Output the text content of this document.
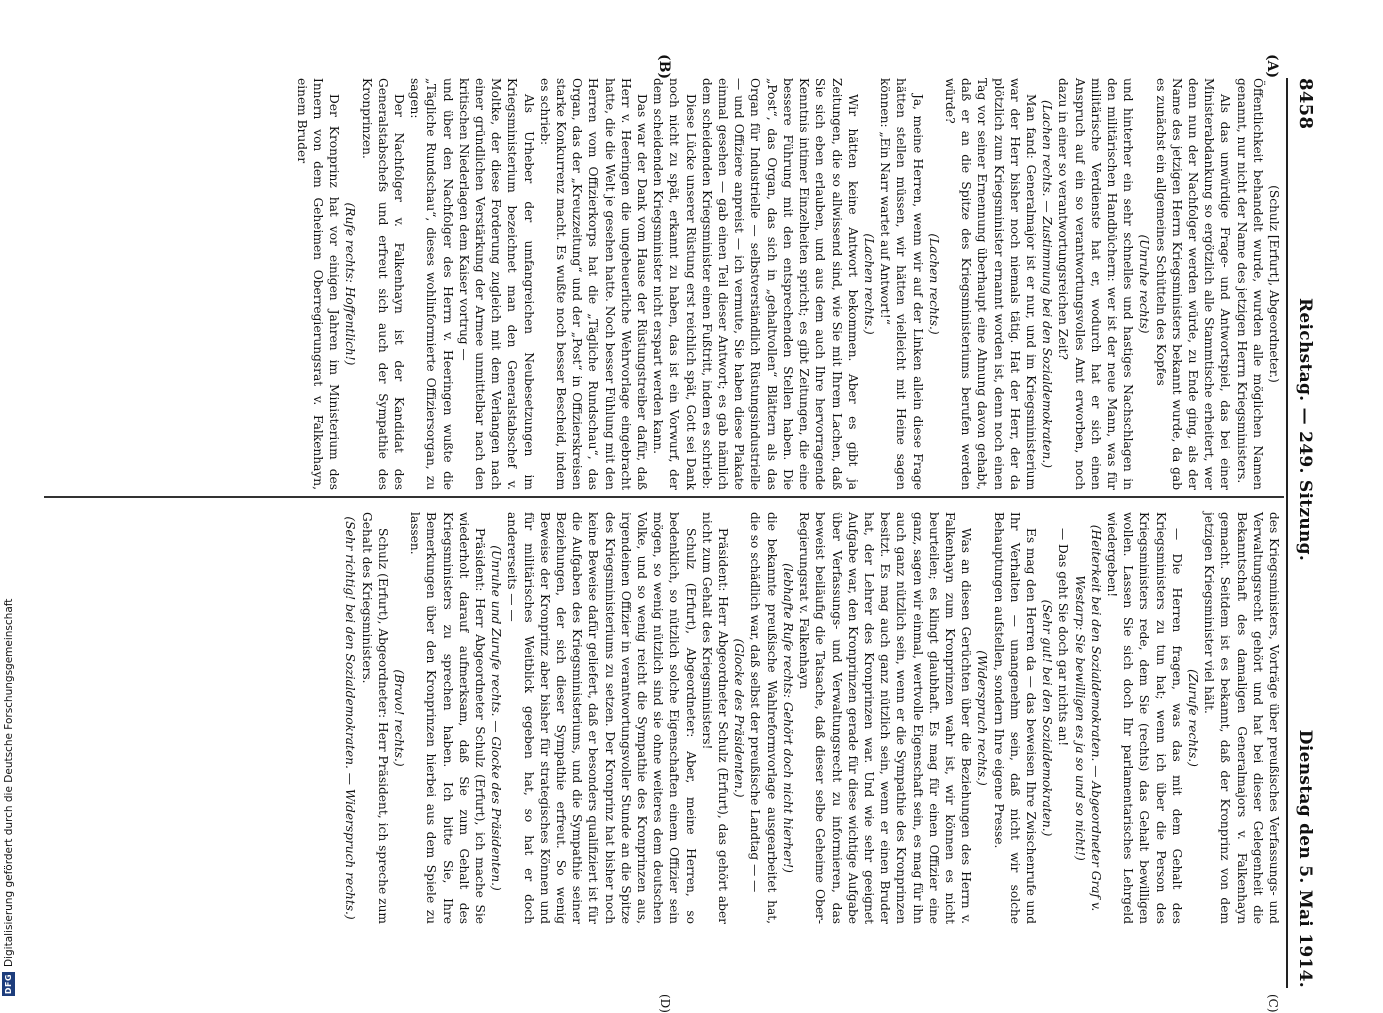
8458
Reichstag. — 249. Sitzung.
Dienstag den 5. Mai 1914.
(A)
(B)
(C)
(D)

(Schulz [Erfurt], Abgeordneter.)

Öffentlichkeit behandelt wurde, wurden alle möglichen Namen genannt, nur nicht der Name des jetzigen Herrn Kriegsministers.

Als das unwürdige Frage- und Antwortspiel, das bei einer Ministerabdankung so ergötzlich alle Stammtische erheitert, wer denn nun der Nachfolger werden würde, zu Ende ging, als der Name des jetzigen Herrn Kriegsministers bekannt wurde, da gab es zunächst ein allgemeines Schütteln des Kopfes

(Unruhe rechts)

und hinterher ein sehr schnelles und hastiges Nachschlagen in den militärischen Handbüchern: wer ist der neue Mann, was für militärische Verdienste hat er, wodurch hat er sich einen Anspruch auf ein so verantwortungsvolles Amt erworben, noch dazu in einer so verantwortungsreichen Zeit?

(Lachen rechts. — Zustimmung bei den Sozialdemokraten.)

Man fand: Generalmajor ist er nur, und im Kriegsministerium war der Herr bisher noch niemals tätig. Hat der Herr, der da plötzlich zum Kriegsminister ernannt worden ist, denn noch einen Tag vor seiner Ernennung überhaupt eine Ahnung davon gehabt, daß er an die Spitze des Kriegsministeriums berufen werden würde?

(Lachen rechts.)

Ja, meine Herren, wenn wir auf der Linken allein diese Frage hätten stellen müssen, wir hätten vielleicht mit Heine sagen können: „Ein Narr wartet auf Antwort!“

(Lachen rechts.)

Wir hätten keine Antwort bekommen. Aber es gibt ja Zeitungen, die so allwissend sind, wie Sie mit Ihrem Lachen, daß Sie sich eben erlauben, und aus dem auch Ihre hervorragende Kenntnis intimer Einzelheiten spricht; es gibt Zeitungen, die eine bessere Führung mit den entsprechenden Stellen haben. Die „Post“, das Organ, das sich in „gehaltvollen“ Blättern als das Organ für Industrielle — selbstverständlich Rüstungsindustrielle — und Offiziere anpreist — ich vermute, Sie haben diese Plakate einmal gesehen — gab einen Teil dieser Antwort; es gab nämlich dem scheidenden Kriegsminister einen Fußtritt, indem es schrieb:

Diese Lücke unserer Rüstung erst reichlich spät, Gott sei Dank noch nicht zu spät, erkannt zu haben, das ist ein Vorwurf, der dem scheidenden Kriegsminister nicht erspart werden kann.

Das war der Dank vom Hause der Rüstungstreiber dafür, daß Herr v. Heeringen die ungeheuerliche Wehrvorlage eingebracht hatte, die die Welt je gesehen hatte. Noch besser Fühlung mit den Herren vom Offizierkorps hat die „Tägliche Rundschau“, das Organ, das der „Kreuzzeitung“ und der „Post“ in Offizierskreisen starke Konkurrenz macht. Es wußte noch besser Bescheid, indem es schrieb:

Als Urheber der umfangreichen Neubesetzungen im Kriegsministerium bezeichnet man den Generalstabschef v. Moltke, der diese Forderung zugleich mit dem Verlangen nach einer gründlichen Verstärkung der Armee unmittelbar nach den kritischen Niederlagen dem Kaiser vortrug —

und über den Nachfolger des Herrn v. Heeringen wußte die „Tägliche Rundschau“, dieses wohlinformierte Offiziersorgan, zu sagen:

Der Nachfolger v. Falkenhayn ist der Kandidat des Generalstabschefs und erfreut sich auch der Sympathie des Kronprinzen.

(Rufe rechts: Hoffentlich!)

Der Kronprinz hat vor einigen Jahren im Ministerium des Innern von dem Geheimen Oberregierungsrat v. Falkenhayn, einem Bruder

des Kriegsministers, Vorträge über preußisches Verfassungs- und Verwaltungsrecht gehört und hat bei dieser Gelegenheit die Bekanntschaft des damaligen Generalmajors v. Falkenhayn gemacht. Seitdem ist es bekannt, daß der Kronprinz von dem jetzigen Kriegsminister viel hält.

(Zurufe rechts.)

— Die Herren fragen, was das mit dem Gehalt des Kriegsministers zu tun hat; wenn ich über die Person des Kriegsministers rede, dem Sie (rechts) das Gehalt bewilligen wollen. Lassen Sie sich doch Ihr parlamentarisches Lehrgeld wiedergeben!

(Heiterkeit bei den Sozialdemokraten. — Abgeordneter Graf v. Westarp: Sie bewilligen es ja so und so nicht!)

— Das geht Sie doch gar nichts an!

(Sehr gut! bei den Sozialdemokraten.)

Es mag den Herren da — das beweisen Ihre Zwischenrufe und Ihr Verhalten — unangenehm sein, daß nicht wir solche Behauptungen aufstellen, sondern Ihre eigene Presse.

(Widerspruch rechts.)

Was an diesen Gerüchten über die Beziehungen des Herrn v. Falkenhayn zum Kronprinzen wahr ist, wir können es nicht beurteilen; es klingt glaubhaft. Es mag für einen Offizier eine ganz, sagen wir einmal, wertvolle Eigenschaft sein, es mag für ihn auch ganz nützlich sein, wenn er die Sympathie des Kronprinzen besitzt. Es mag auch ganz nützlich sein, wenn er einen Bruder hat, der Lehrer des Kronprinzen war. Und wie sehr geeignet Aufgabe war, den Kronprinzen gerade für diese wichtige Aufgabe über Verfassungs- und Verwaltungsrecht zu informieren, das beweist beiläufig die Tatsache, daß dieser selbe Geheime Ober-Regierungsrat v. Falkenhayn

(lebhafte Rufe rechts: Gehört doch nicht hierher!)

die bekannte preußische Wahlreformvorlage ausgearbeitet hat, die so schädlich war, daß selbst der preußische Landtag — —

(Glocke des Präsidenten.)

Präsident: Herr Abgeordneter Schulz (Erfurt), das gehört aber nicht zum Gehalt des Kriegsministers!

Schulz (Erfurt), Abgeordneter: Aber, meine Herren, so bedenklich, so nützlich solche Eigenschaften einem Offizier sein mögen, so wenig nützlich sind sie ohne weiteres dem deutschen Volke, und so wenig reicht die Sympathie des Kronprinzen aus, irgendeinen Offizier in verantwortungsvoller Stunde an die Spitze des Kriegsministeriums zu setzen. Der Kronprinz hat bisher noch keine Beweise dafür geliefert, daß er besonders qualifiziert ist für die Aufgaben des Kriegsministeriums, und die Sympathie seiner Beziehungen, der sich dieser Sympathie erfreut. So wenig Beweise der Kronprinz aber bisher für strategisches Können und für militärisches Weitblick gegeben hat, so hat er doch andererseits — —

(Unruhe und Zurufe rechts. — Glocke des Präsidenten.)

Präsident: Herr Abgeordneter Schulz (Erfurt), ich mache Sie wiederholt darauf aufmerksam, daß Sie zum Gehalt des Kriegsministers zu sprechen haben. Ich bitte Sie, Ihre Bemerkungen über den Kronprinzen hierbei aus dem Spiele zu lassen.

(Bravo! rechts.)

Schulz (Erfurt), Abgeordneter: Herr Präsident, ich spreche zum Gehalt des Kriegsministers.

(Sehr richtig! bei den Sozialdemokraten. — Widerspruch rechts.)

DFG
Digitalisierung gefördert durch die Deutsche Forschungsgemeinschaft
